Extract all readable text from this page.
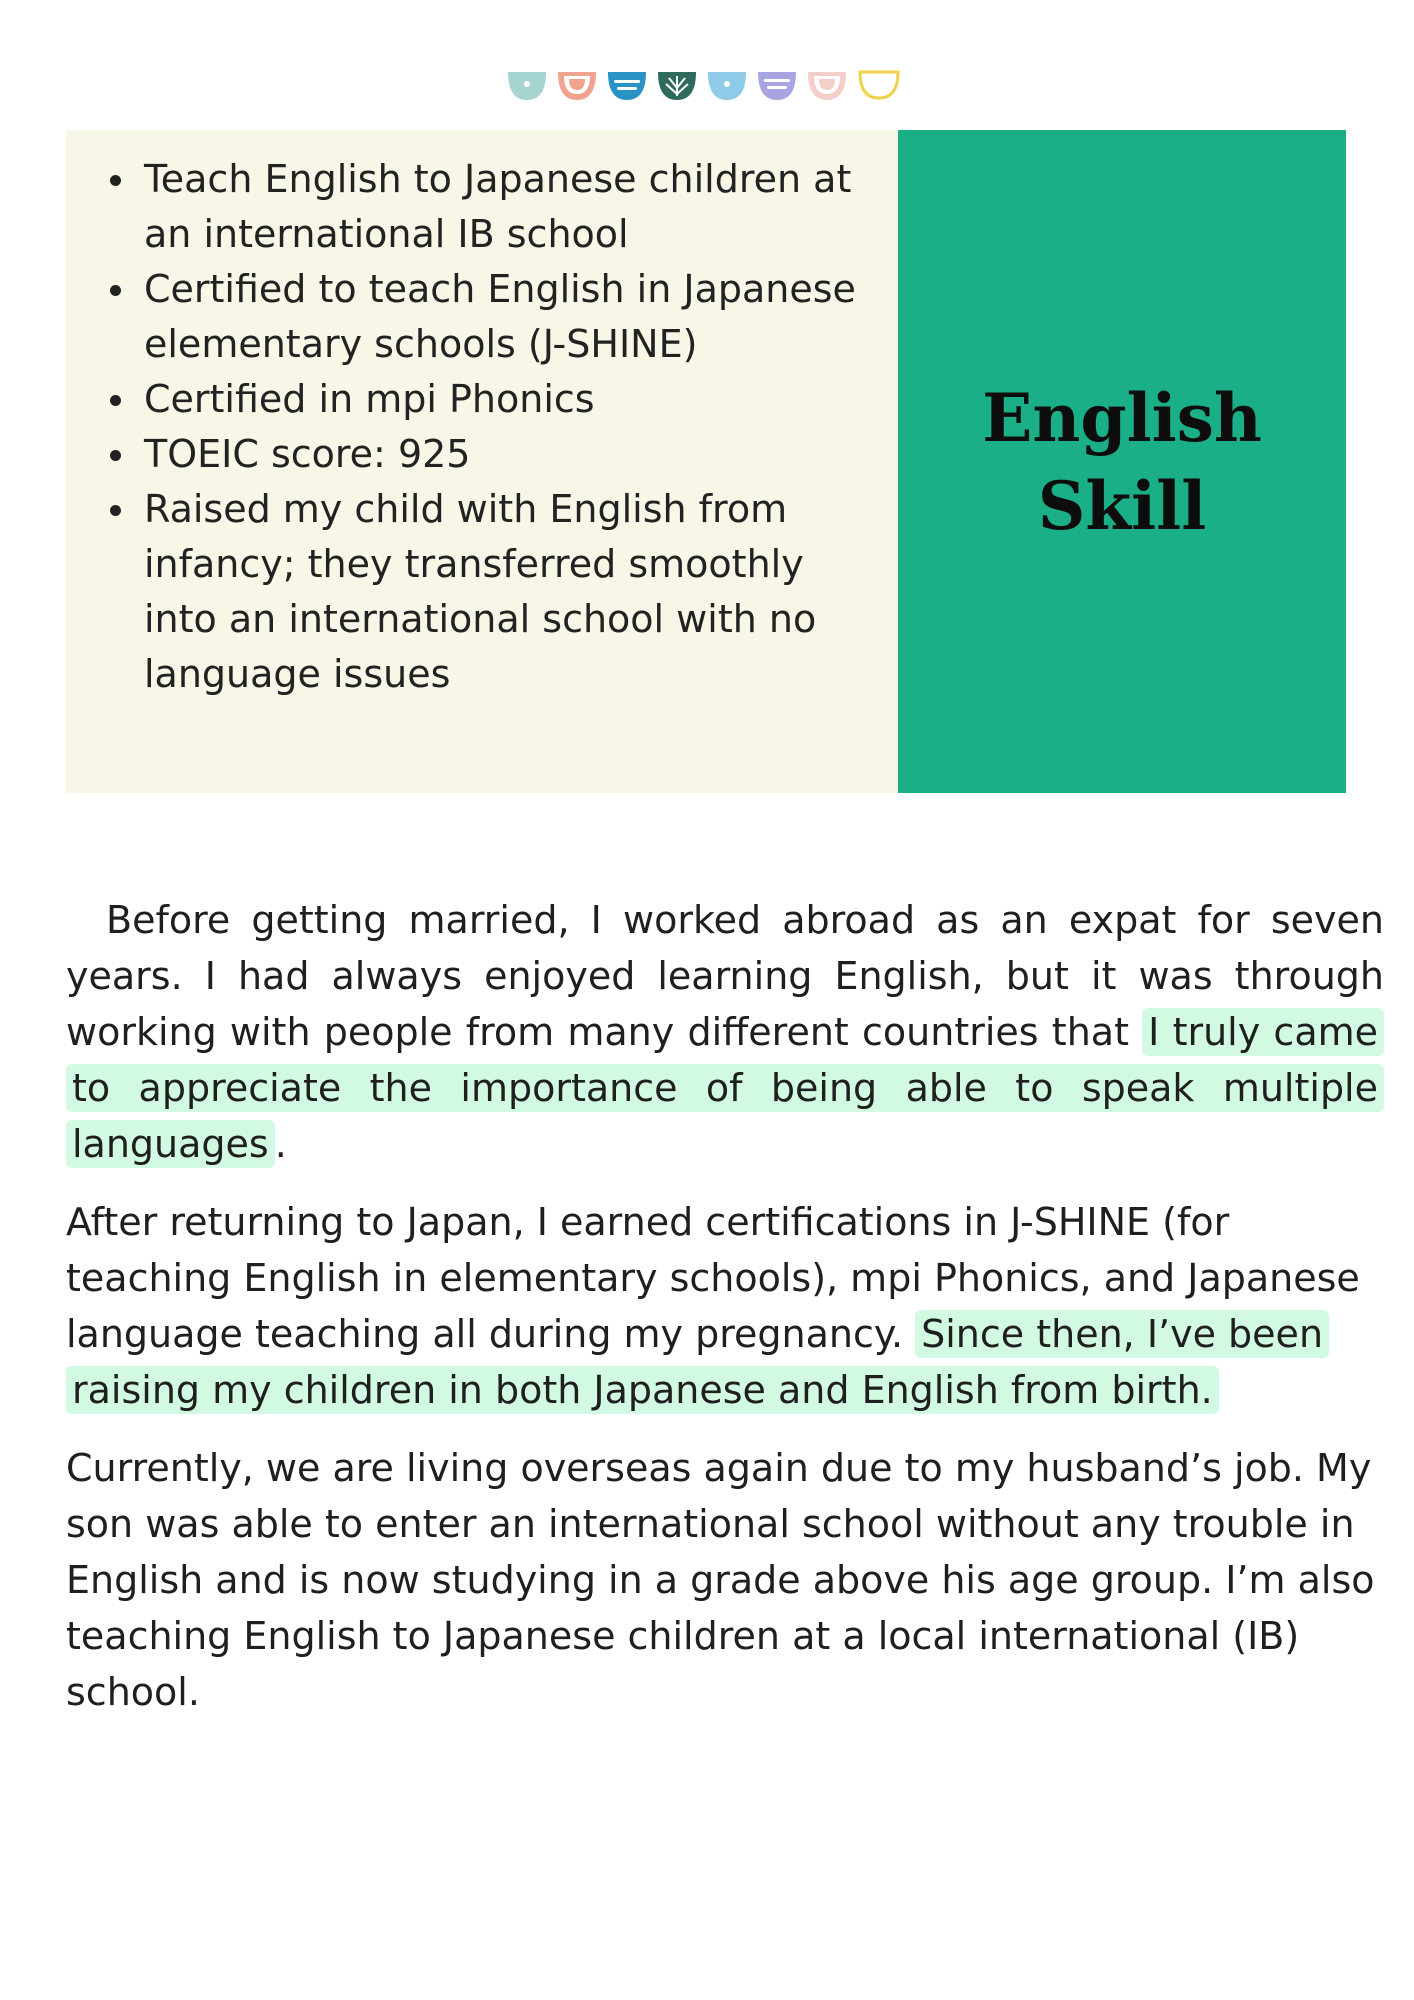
Teach English to Japanese children at an international IB school
Certified to teach English in Japanese elementary schools (J-SHINE)
Certified in mpi Phonics
TOEIC score: 925
Raised my child with English from infancy; they transferred smoothly into an international school with no language issues
English
Skill

Before getting married, I worked abroad as an expat for seven years. I had always enjoyed learning English, but it was through working with people from many different countries that I truly came to appreciate the importance of being able to speak multiple languages .

After returning to Japan, I earned certifications in J-SHINE (for teaching English in elementary schools), mpi Phonics, and Japanese language teaching all during my pregnancy. Since then, I’ve been raising my children in both Japanese and English from birth.

Currently, we are living overseas again due to my husband’s job. My son was able to enter an international school without any trouble in English and is now studying in a grade above his age group. I’m also teaching English to Japanese children at a local international (IB) school.
